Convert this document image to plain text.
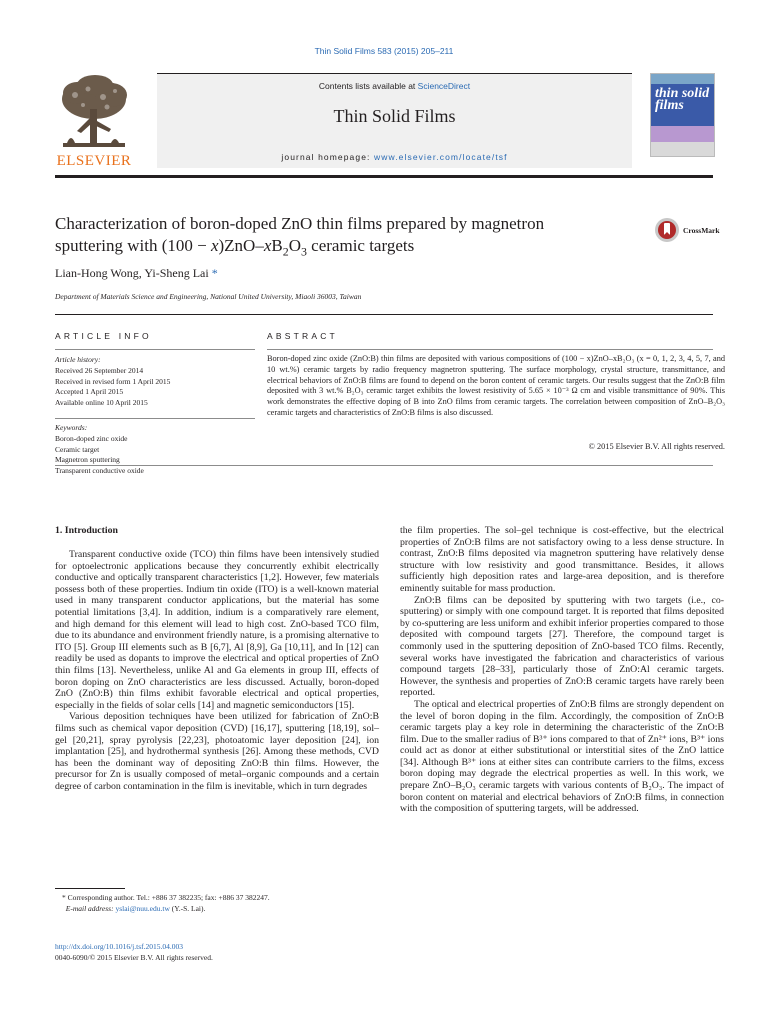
Thin Solid Films 583 (2015) 205–211
ELSEVIER
Contents lists available at ScienceDirect
Thin Solid Films
journal homepage: www.elsevier.com/locate/tsf
thin solid films
Characterization of boron-doped ZnO thin films prepared by magnetron
sputtering with $(100 - x)ZnO-xB_2O_3$ ceramic targets
CrossMark
Lian-Hong Wong, Yi-Sheng Lai *
Department of Materials Science and Engineering, National United University, Miaoli 36003, Taiwan
ARTICLE INFO	ABSTRACT
Article history:
Received 26 September 2014
Received in revised form 1 April 2015
Accepted 1 April 2015
Available online 10 April 2015
Keywords:
Boron-doped zinc oxide
Ceramic target
Magnetron sputtering
Transparent conductive oxide
Boron-doped zinc oxide (ZnO:B) thin films are deposited with various compositions of (100 − x)ZnO–xB₂O₃ (x = 0, 1, 2, 3, 4, 5, 7, and 10 wt.%) ceramic targets by radio frequency magnetron sputtering. The surface morphology, crystal structure, transmittance, and electrical behaviors of ZnO:B films are found to depend on the boron content of ceramic targets. Our results suggest that the ZnO:B film deposited with 3 wt.% B₂O₃ ceramic target exhibits the lowest resistivity of 5.65 × 10⁻³ Ω cm and visible transmittance of 90%. This work demonstrates the effective doping of B into ZnO films from ceramic targets. The correlation between composition of ZnO–B₂O₃ ceramic targets and characteristics of ZnO:B films is also discussed.
© 2015 Elsevier B.V. All rights reserved.
1. Introduction

Transparent conductive oxide (TCO) thin films have been intensively studied for optoelectronic applications because they concurrently exhibit electrically conductive and optically transparent characteristics [1,2]. However, few materials possess both of these properties. Indium tin oxide (ITO) is a well-known material used in many transparent conductor applications, but the material has some potential limitations [3,4]. In addition, indium is a comparatively rare element, and high demand for this element will lead to high cost. ZnO-based TCO film, due to its abundance and environment friendly nature, is a promising alternative to ITO [5]. Group III elements such as B [6,7], Al [8,9], Ga [10,11], and In [12] can readily be used as dopants to improve the electrical and optical properties of ZnO thin films [13]. Nevertheless, unlike Al and Ga elements in group III, effects of boron doping on ZnO characteristics are less discussed. Actually, boron-doped ZnO (ZnO:B) thin films exhibit favorable electrical and optical properties, especially in the fields of solar cells [14] and magnetic semiconductors [15].

Various deposition techniques have been utilized for fabrication of ZnO:B films such as chemical vapor deposition (CVD) [16,17], sputtering [18,19], sol–gel [20,21], spray pyrolysis [22,23], photoatomic layer deposition [24], ion implantation [25], and hydrothermal synthesis [26]. Among these methods, CVD has been the dominant way of depositing ZnO:B thin films. However, the precursor for Zn is usually composed of metal–organic compounds and a certain degree of carbon contamination in the film is inevitable, which in turn degrades

the film properties. The sol–gel technique is cost-effective, but the electrical properties of ZnO:B films are not satisfactory owing to a less dense structure. In contrast, ZnO:B films deposited via magnetron sputtering have relatively dense structure with low resistivity and good transmittance. Besides, it allows sufficiently high deposition rates and large-area deposition, and is therefore eminently suitable for mass production.

ZnO:B films can be deposited by sputtering with two targets (i.e., co-sputtering) or simply with one compound target. It is reported that films deposited by co-sputtering are less uniform and exhibit inferior properties compared to those deposited with compound targets [27]. Therefore, the compound target is commonly used in the sputtering deposition of ZnO-based TCO films. Recently, several works have investigated the fabrication and characteristics of various compound targets [28–33], particularly those of ZnO:Al ceramic targets. However, the synthesis and properties of ZnO:B ceramic targets have rarely been reported.

The optical and electrical properties of ZnO:B films are strongly dependent on the level of boron doping in the film. Accordingly, the composition of ZnO:B ceramic targets play a key role in determining the characteristic of the ZnO:B film. Due to the smaller radius of B³⁺ ions compared to that of Zn²⁺ ions, B³⁺ ions could act as donor at either substitutional or interstitial sites of the ZnO lattice [34]. Although B³⁺ ions at either sites can contribute carriers to the films, excess boron doping may degrade the electrical properties as well. In this work, we prepare ZnO–B₂O₃ ceramic targets with various contents of B₂O₃. The impact of boron content on material and electrical behaviors of ZnO:B films, in connection with the composition of sputtering targets, will be addressed.

* Corresponding author. Tel.: +886 37 382235; fax: +886 37 382247.
E-mail address: yslai@nuu.edu.tw (Y.-S. Lai).
http://dx.doi.org/10.1016/j.tsf.2015.04.003
0040-6090/© 2015 Elsevier B.V. All rights reserved.
